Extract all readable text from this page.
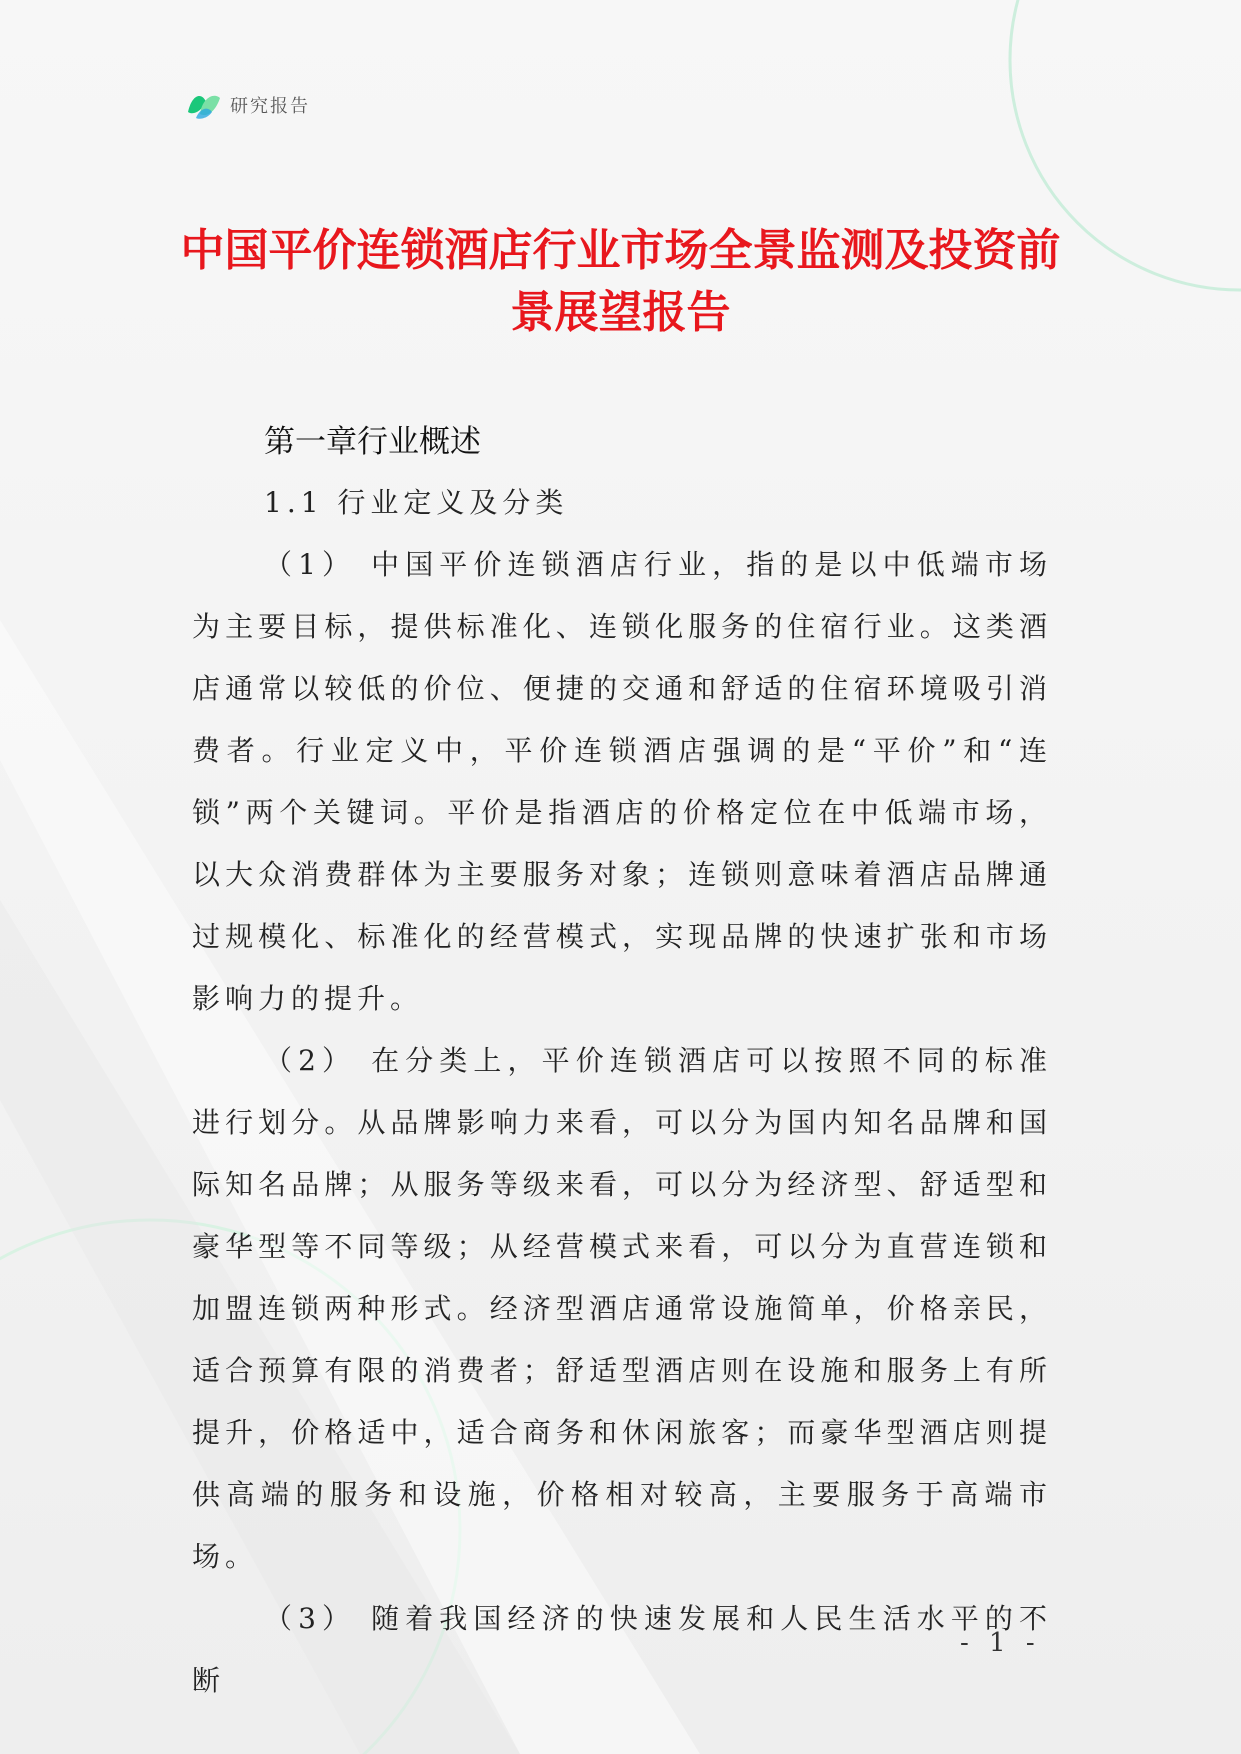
研究报告
中国平价连锁酒店行业市场全景监测及投资前景展望报告
第一章行业概述
1.1 行业定义及分类

（1） 中国平价连锁酒店行业，指的是以中低端市场为主要目标，提供标准化、连锁化服务的住宿行业。这类酒店通常以较低的价位、便捷的交通和舒适的住宿环境吸引消费者。行业定义中，平价连锁酒店强调的是“平价”和“连锁”两个关键词。平价是指酒店的价格定位在中低端市场，以大众消费群体为主要服务对象；连锁则意味着酒店品牌通过规模化、标准化的经营模式，实现品牌的快速扩张和市场影响力的提升。

（2） 在分类上，平价连锁酒店可以按照不同的标准进行划分。从品牌影响力来看，可以分为国内知名品牌和国际知名品牌；从服务等级来看，可以分为经济型、舒适型和豪华型等不同等级；从经营模式来看，可以分为直营连锁和加盟连锁两种形式。经济型酒店通常设施简单，价格亲民，适合预算有限的消费者；舒适型酒店则在设施和服务上有所提升，价格适中，适合商务和休闲旅客；而豪华型酒店则提供高端的服务和设施，价格相对较高，主要服务于高端市场。

（3） 随着我国经济的快速发展和人民生活水平的不断

- 1 -
